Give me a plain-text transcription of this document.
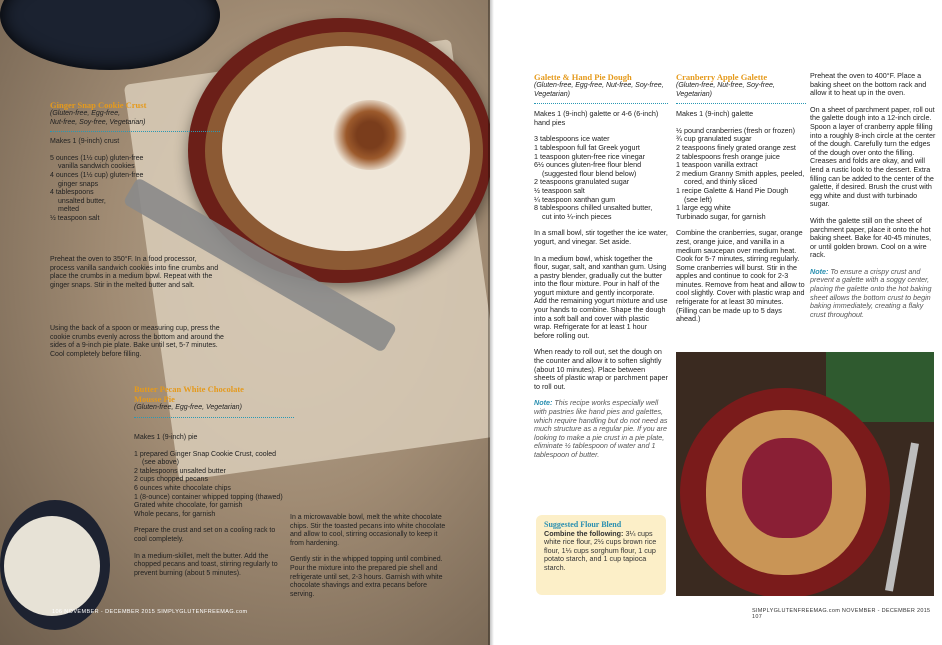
Ginger Snap Cookie Crust
(Gluten-free, Egg-free,
Nut-free, Soy-free, Vegetarian)

Makes 1 (9-inch) crust

5 ounces (1½ cup) gluten-free
vanilla sandwich cookies
4 ounces (1½ cup) gluten-free
ginger snaps
4 tablespoons
unsalted butter,
melted
½ teaspoon salt

Preheat the oven to 350°F. In a food processor, process vanilla sandwich cookies into fine crumbs and place the crumbs in a medium bowl. Repeat with the ginger snaps. Stir in the melted butter and salt.

Using the back of a spoon or measuring cup, press the cookie crumbs evenly across the bottom and around the sides of a 9-inch pie plate. Bake until set, 5-7 minutes. Cool completely before filling.

Butter Pecan White Chocolate
Mousse Pie
(Gluten-free, Egg-free, Vegetarian)

Makes 1 (9-inch) pie

1 prepared Ginger Snap Cookie Crust, cooled
(see above)
2 tablespoons unsalted butter
2 cups chopped pecans
6 ounces white chocolate chips
1 (8-ounce) container whipped topping (thawed)
Grated white chocolate, for garnish
Whole pecans, for garnish

Prepare the crust and set on a cooling rack to cool completely.

In a medium-skillet, melt the butter. Add the chopped pecans and toast, stirring regularly to prevent burning (about 5 minutes).

In a microwavable bowl, melt the white chocolate chips. Stir the toasted pecans into white chocolate and allow to cool, stirring occasionally to keep it from hardening.

Gently stir in the whipped topping until combined. Pour the mixture into the prepared pie shell and refrigerate until set, 2-3 hours. Garnish with white chocolate shavings and extra pecans before serving.

106 NOVEMBER - DECEMBER 2015 SIMPLYGLUTENFREEMAG.com
Galette & Hand Pie Dough
(Gluten-free, Egg-free, Nut-free, Soy-free, Vegetarian)

Makes 1 (9-inch) galette or 4-6 (6-inch) hand pies

3 tablespoons ice water
1 tablespoon full fat Greek yogurt
1 teaspoon gluten-free rice vinegar
6½ ounces gluten-free flour blend
(suggested flour blend below)
2 teaspoons granulated sugar
½ teaspoon salt
¼ teaspoon xanthan gum
8 tablespoons chilled unsalted butter,
cut into ¼-inch pieces

In a small bowl, stir together the ice water, yogurt, and vinegar. Set aside.

In a medium bowl, whisk together the flour, sugar, salt, and xanthan gum. Using a pastry blender, gradually cut the butter into the flour mixture. Pour in half of the yogurt mixture and gently incorporate. Add the remaining yogurt mixture and use your hands to combine. Shape the dough into a soft ball and cover with plastic wrap. Refrigerate for at least 1 hour before rolling out.

When ready to roll out, set the dough on the counter and allow it to soften slightly (about 10 minutes). Place between sheets of plastic wrap or parchment paper to roll out.

Note: This recipe works especially well with pastries like hand pies and galettes, which require handling but do not need as much structure as a regular pie. If you are looking to make a pie crust in a pie plate, eliminate ½ tablespoon of water and 1 tablespoon of butter.

Suggested Flour Blend
Combine the following: 3¼ cups white rice flour, 2½ cups brown rice flour, 1⅓ cups sorghum flour, 1 cup potato starch, and 1 cup tapioca starch.
Cranberry Apple Galette
(Gluten-free, Nut-free, Soy-free, Vegetarian)

Makes 1 (9-inch) galette

½ pound cranberries (fresh or frozen)
¾ cup granulated sugar
2 teaspoons finely grated orange zest
2 tablespoons fresh orange juice
1 teaspoon vanilla extract
2 medium Granny Smith apples, peeled,
cored, and thinly sliced
1 recipe Galette & Hand Pie Dough
(see left)
1 large egg white
Turbinado sugar, for garnish

Combine the cranberries, sugar, orange zest, orange juice, and vanilla in a medium saucepan over medium heat. Cook for 5-7 minutes, stirring regularly. Some cranberries will burst. Stir in the apples and continue to cook for 2-3 minutes. Remove from heat and allow to cool slightly. Cover with plastic wrap and refrigerate for at least 30 minutes. (Filling can be made up to 5 days ahead.)

Preheat the oven to 400°F. Place a baking sheet on the bottom rack and allow it to heat up in the oven.

On a sheet of parchment paper, roll out the galette dough into a 12-inch circle. Spoon a layer of cranberry apple filling into a roughly 8-inch circle at the center of the dough. Carefully turn the edges of the dough over onto the filling. Creases and folds are okay, and will lend a rustic look to the dessert. Extra filling can be added to the center of the galette, if desired. Brush the crust with egg white and dust with turbinado sugar.

With the galette still on the sheet of parchment paper, place it onto the hot baking sheet. Bake for 40-45 minutes, or until golden brown. Cool on a wire rack.

Note: To ensure a crispy crust and prevent a galette with a soggy center, placing the galette onto the hot baking sheet allows the bottom crust to begin baking immediately, creating a flaky crust throughout.

SIMPLYGLUTENFREEMAG.com NOVEMBER - DECEMBER 2015 107
